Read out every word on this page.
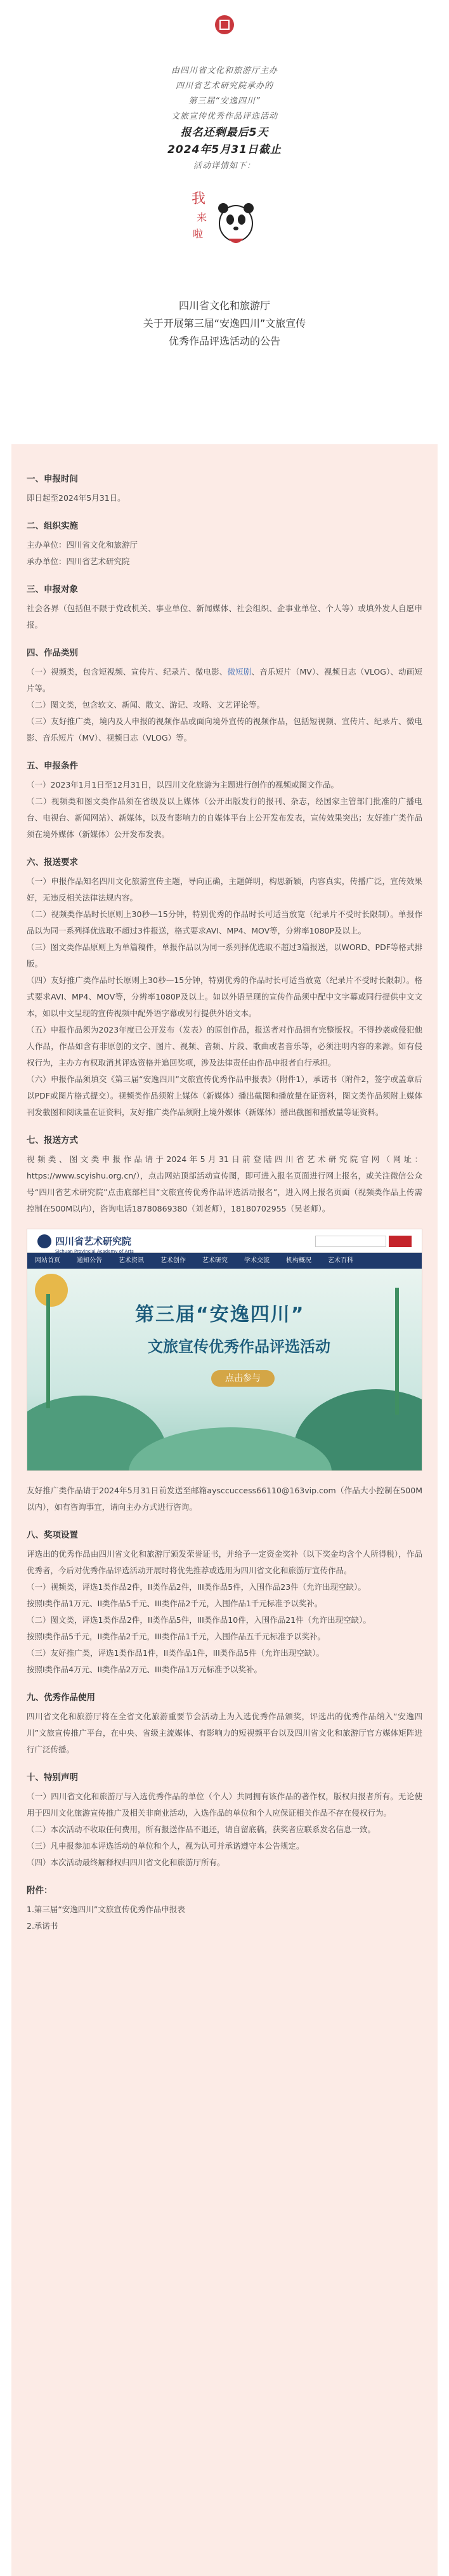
由四川省文化和旅游厅主办

四川省艺术研究院承办的

第三届“安逸四川”

文旅宣传优秀作品评选活动

报名还剩最后5天

2024年5月31日截止

活动详情如下：

我
来
啦

四川省文化和旅游厅

关于开展第三届“安逸四川”文旅宣传

优秀作品评选活动的公告

一、申报时间

即日起至2024年5月31日。

二、组织实施

主办单位：四川省文化和旅游厅

承办单位：四川省艺术研究院

三、申报对象

社会各界（包括但不限于党政机关、事业单位、新闻媒体、社会组织、企事业单位、个人等）或填外发人自愿申报。

四、作品类别

（一）视频类，包含短视频、宣传片、纪录片、微电影、微短剧、音乐短片（MV）、视频日志（VLOG）、动画短片等。

（二）图文类，包含软文、新闻、散文、游记、攻略、文艺评论等。

（三）友好推广类，境内及人申报的视频作品或面向境外宣传的视频作品，包括短视频、宣传片、纪录片、微电影、音乐短片（MV）、视频日志（VLOG）等。

五、申报条件

（一）2023年1月1日至12月31日，以四川文化旅游为主题进行创作的视频或图文作品。

（二）视频类和图文类作品须在省级及以上媒体（公开出版发行的报刊、杂志，经国家主管部门批准的广播电台、电视台、新闻网站）、新媒体，以及有影响力的自媒体平台上公开发布发表，宣传效果突出；友好推广类作品须在境外媒体（新媒体）公开发布发表。

六、报送要求

（一）申报作品知名四川文化旅游宣传主题，导向正确，主题鲜明，构思新颖，内容真实，传播广泛，宣传效果好，无违反相关法律法规内容。

（二）视频类作品时长原则上30秒—15分钟，特别优秀的作品时长可适当放宽（纪录片不受时长限制）。单报作品以为同一系列择优选取不超过3件报送，格式要求AVI、MP4、MOV等，分辨率1080P及以上。

（三）图文类作品原则上为单篇稿件，单报作品以为同一系列择优选取不超过3篇报送，以WORD、PDF等格式排版。

（四）友好推广类作品时长原则上30秒—15分钟，特别优秀的作品时长可适当放宽（纪录片不受时长限制）。格式要求AVI、MP4、MOV等，分辨率1080P及以上。如以外语呈现的宣传作品须中配中文字幕或同行提供中文文本，如以中文呈现的宣传视频中配外语字幕或另行提供外语文本。

（五）申报作品须为2023年度已公开发布（发表）的原创作品，报送者对作品拥有完整版权。不得抄袭或侵犯他人作品，作品如含有非原创的文字、图片、视频、音频、片段、歌曲或者音乐等，必须注明内容的来源。如有侵权行为，主办方有权取消其评选资格并追回奖项，涉及法律责任由作品申报者自行承担。

（六）申报作品须填交《第三届“安逸四川”文旅宣传优秀作品申报表》（附件1），承诺书（附件2，签字或盖章后以PDF或图片格式提交）。视频类作品须附上媒体（新媒体）播出截图和播放量在证资料，图文类作品须附上媒体刊发截图和阅读量在证资料，友好推广类作品须附上境外媒体（新媒体）播出截图和播放量等证资料。

七、报送方式

视频类、图文类申报作品请于2024年5月31日前登陆四川省艺术研究院官网（网址：https://www.scyishu.org.cn/），点击网站顶部活动宣传图，即可进入报名页面进行网上报名，或关注微信公众号“四川省艺术研究院”点击底部栏目“文旅宣传优秀作品评选活动报名”，进入网上报名页面（视频类作品上传需控制在500M以内），咨询电话18780869380（刘老师），18180702955（吴老师）。

四川省艺术研究院
Sichuan Provincial Academy of Arts
网站首页	通知公告	艺术资讯	艺术创作	艺术研究	学术交流	机构概况	艺术百科
第三届“安逸四川”
文旅宣传优秀作品评选活动
点击参与

友好推广类作品请于2024年5月31日前发送至邮箱aysccuccess66110@163vip.com（作品大小控制在500M以内），如有咨询事宜，请向主办方式进行咨询。

八、奖项设置

评选出的优秀作品由四川省文化和旅游厅颁发荣誉证书，并给予一定资金奖补（以下奖金均含个人所得税），作品优秀者，今后对优秀作品评选活动开展时将优先推荐或选用为四川省文化和旅游厅宣传作品。

（一）视频类，评选1类作品2件，II类作品2件，III类作品5件，入围作品23件（允许出现空缺）。

按照I类作品1万元、II类作品5千元、III类作品2千元，入围作品1千元标准予以奖补。

（二）图文类，评选1类作品2件，II类作品5件，III类作品10件，入围作品21件（允许出现空缺）。

按照I类作品5千元，II类作品2千元，III类作品1千元，入围作品五千元标准予以奖补。

（三）友好推广类，评选1类作品1件，II类作品1件，III类作品5件（允许出现空缺）。

按照I类作品4万元、II类作品2万元、III类作品1万元标准予以奖补。

九、优秀作品使用

四川省文化和旅游厅将在全省文化旅游重要节会活动上为入选优秀作品颁奖，评选出的优秀作品纳入“安逸四川”文旅宣传推广平台，在中央、省级主流媒体、有影响力的短视频平台以及四川省文化和旅游厅官方媒体矩阵进行广泛传播。

十、特别声明

（一）四川省文化和旅游厅与入选优秀作品的单位（个人）共同拥有该作品的著作权，版权归报者所有。无论使用于四川文化旅游宣传推广及相关非商业活动，入选作品的单位和个人应保证相关作品不存在侵权行为。

（二）本次活动不收取任何费用，所有报送作品不退还，请自留底稿，获奖者应联系发名信息一致。

（三）凡申报参加本评选活动的单位和个人，视为认可并承诺遵守本公告规定。

（四）本次活动最终解释权归四川省文化和旅游厅所有。

附件：

1.第三届“安逸四川”文旅宣传优秀作品申报表

2.承诺书
